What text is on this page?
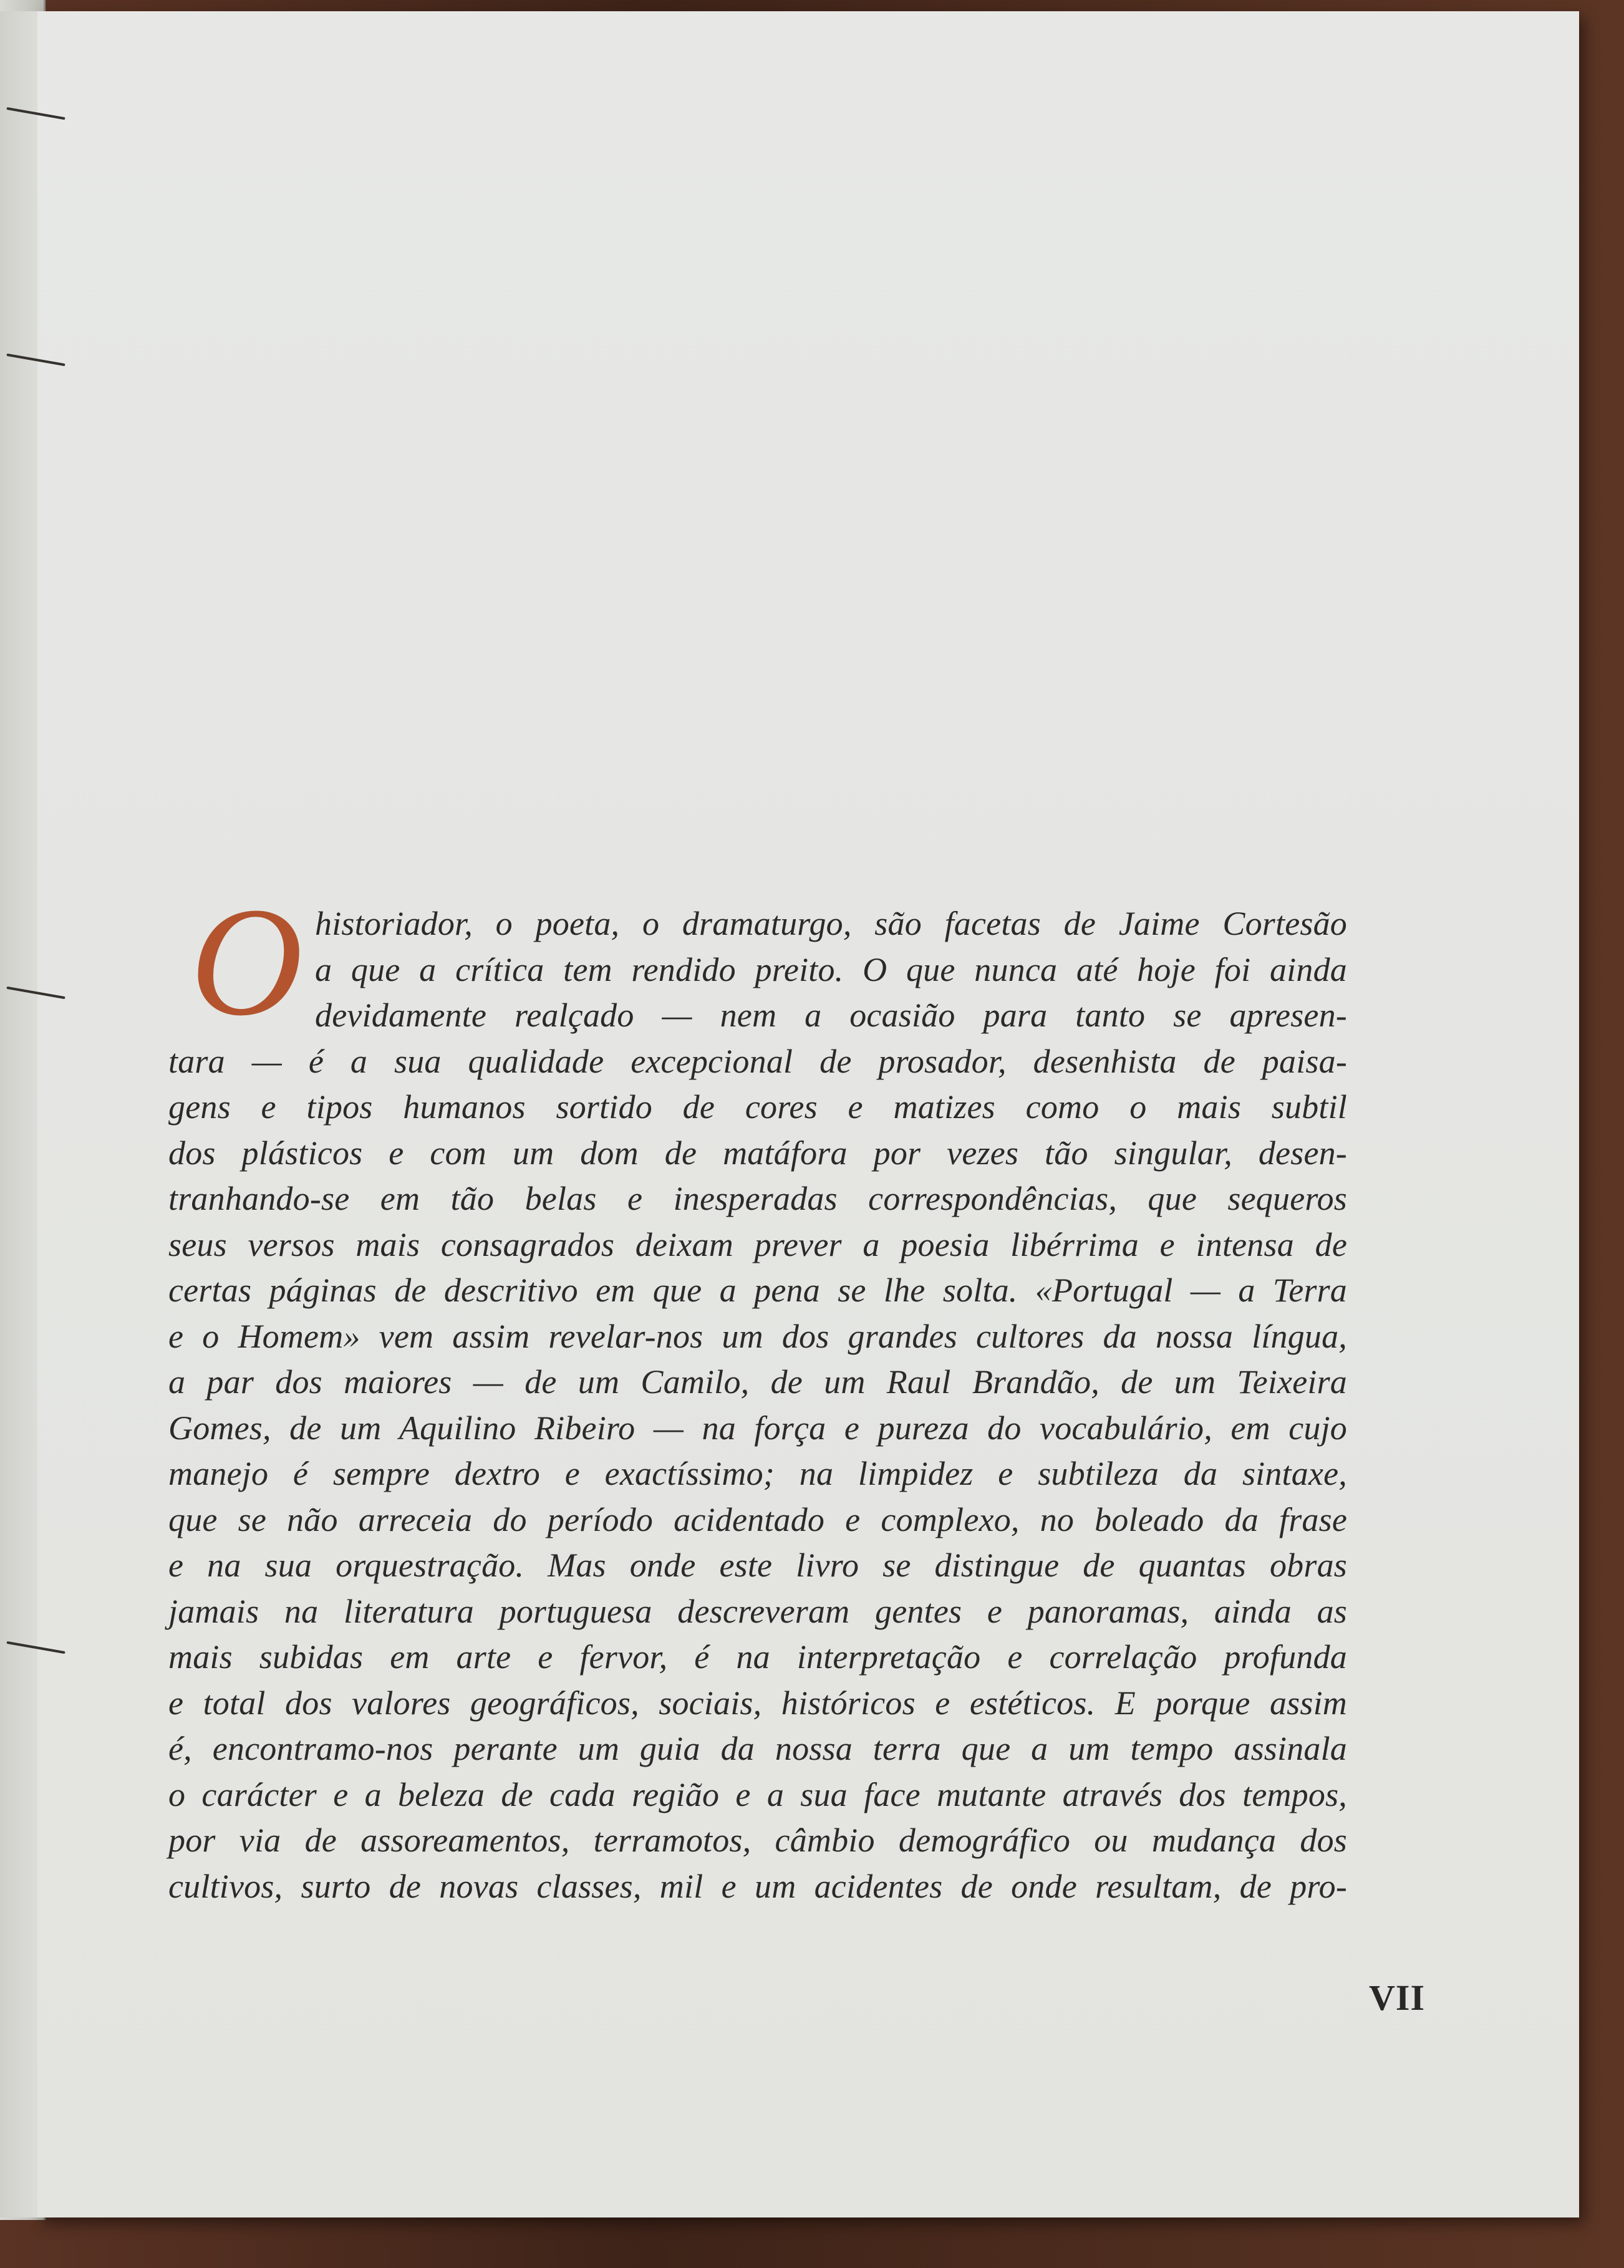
O historiador, o poeta, o dramaturgo, são facetas de Jaime Cortesão
a que a crítica tem rendido preito. O que nunca até hoje foi ainda
devidamente realçado — nem a ocasião para tanto se apresen-
tara — é a sua qualidade excepcional de prosador, desenhista de paisa-
gens e tipos humanos sortido de cores e matizes como o mais subtil
dos plásticos e com um dom de matáfora por vezes tão singular, desen-
tranhando-se em tão belas e inesperadas correspondências, que sequeros
seus versos mais consagrados deixam prever a poesia libérrima e intensa de
certas páginas de descritivo em que a pena se lhe solta. «Portugal — a Terra
e o Homem» vem assim revelar-nos um dos grandes cultores da nossa língua,
a par dos maiores — de um Camilo, de um Raul Brandão, de um Teixeira
Gomes, de um Aquilino Ribeiro — na força e pureza do vocabulário, em cujo
manejo é sempre dextro e exactíssimo; na limpidez e subtileza da sintaxe,
que se não arreceia do período acidentado e complexo, no boleado da frase
e na sua orquestração. Mas onde este livro se distingue de quantas obras
jamais na literatura portuguesa descreveram gentes e panoramas, ainda as
mais subidas em arte e fervor, é na interpretação e correlação profunda
e total dos valores geográficos, sociais, históricos e estéticos. E porque assim
é, encontramo-nos perante um guia da nossa terra que a um tempo assinala
o carácter e a beleza de cada região e a sua face mutante através dos tempos,
por via de assoreamentos, terramotos, câmbio demográfico ou mudança dos
cultivos, surto de novas classes, mil e um acidentes de onde resultam, de pro-
VII
